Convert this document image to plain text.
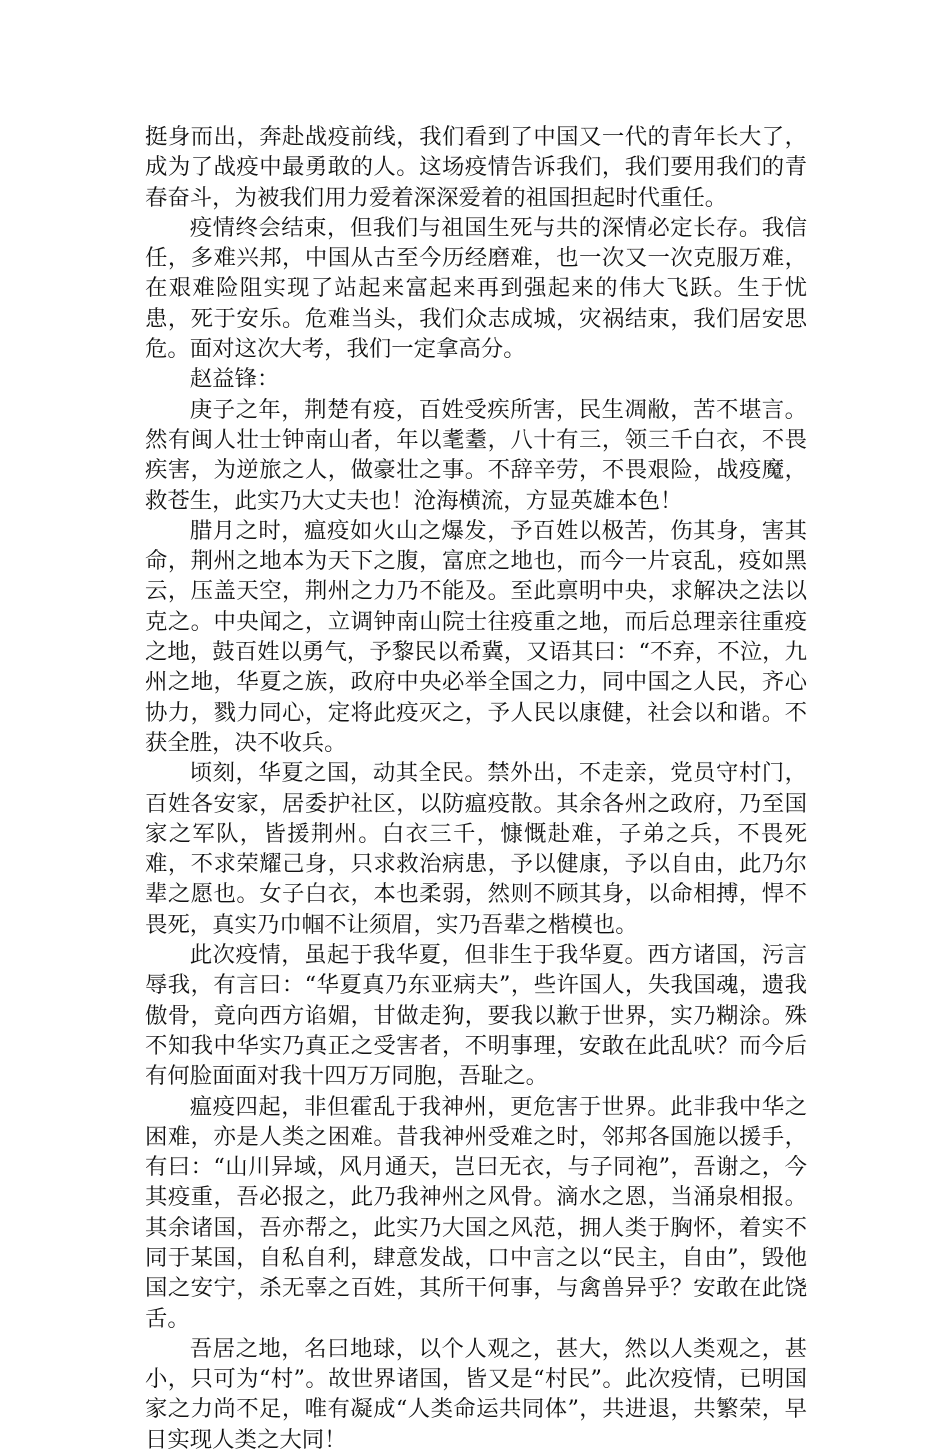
挺身而出，奔赴战疫前线，我们看到了中国又一代的青年长大了，成为了战疫中最勇敢的人。这场疫情告诉我们，我们要用我们的青春奋斗，为被我们用力爱着深深爱着的祖国担起时代重任。

疫情终会结束，但我们与祖国生死与共的深情必定长存。我信任，多难兴邦，中国从古至今历经磨难，也一次又一次克服万难，在艰难险阻实现了站起来富起来再到强起来的伟大飞跃。生于忧患，死于安乐。危难当头，我们众志成城，灾祸结束，我们居安思危。面对这次大考，我们一定拿高分。

赵益锋：

庚子之年，荆楚有疫，百姓受疾所害，民生凋敝，苦不堪言。然有闽人壮士钟南山者，年以耄耋，八十有三，领三千白衣，不畏疾害，为逆旅之人，做豪壮之事。不辞辛劳，不畏艰险，战疫魔，救苍生，此实乃大丈夫也！沧海横流，方显英雄本色！

腊月之时，瘟疫如火山之爆发，予百姓以极苦，伤其身，害其命，荆州之地本为天下之腹，富庶之地也，而今一片哀乱，疫如黑云，压盖天空，荆州之力乃不能及。至此禀明中央，求解决之法以克之。中央闻之，立调钟南山院士往疫重之地，而后总理亲往重疫之地，鼓百姓以勇气，予黎民以希冀，又语其曰：“不弃，不泣，九州之地，华夏之族，政府中央必举全国之力，同中国之人民，齐心协力，戮力同心，定将此疫灭之，予人民以康健，社会以和谐。不获全胜，决不收兵。

顷刻，华夏之国，动其全民。禁外出，不走亲，党员守村门，百姓各安家，居委护社区，以防瘟疫散。其余各州之政府，乃至国家之军队，皆援荆州。白衣三千，慷慨赴难，子弟之兵，不畏死难，不求荣耀己身，只求救治病患，予以健康，予以自由，此乃尔辈之愿也。女子白衣，本也柔弱，然则不顾其身，以命相搏，悍不畏死，真实乃巾帼不让须眉，实乃吾辈之楷模也。

此次疫情，虽起于我华夏，但非生于我华夏。西方诸国，污言辱我，有言曰：“华夏真乃东亚病夫”，些许国人，失我国魂，遗我傲骨，竟向西方谄媚，甘做走狗，要我以歉于世界，实乃糊涂。殊不知我中华实乃真正之受害者，不明事理，安敢在此乱吠？而今后有何脸面面对我十四万万同胞，吾耻之。

瘟疫四起，非但霍乱于我神州，更危害于世界。此非我中华之困难，亦是人类之困难。昔我神州受难之时，邻邦各国施以援手，有曰：“山川异域，风月通天，岂曰无衣，与子同袍”，吾谢之，今其疫重，吾必报之，此乃我神州之风骨。滴水之恩，当涌泉相报。其余诸国，吾亦帮之，此实乃大国之风范，拥人类于胸怀，着实不同于某国，自私自利，肆意发战，口中言之以“民主，自由”，毁他国之安宁，杀无辜之百姓，其所干何事，与禽兽异乎？安敢在此饶舌。

吾居之地，名曰地球，以个人观之，甚大，然以人类观之，甚小，只可为“村”。故世界诸国，皆又是“村民”。此次疫情，已明国家之力尚不足，唯有凝成“人类命运共同体”，共进退，共繁荣，早日实现人类之大同！
